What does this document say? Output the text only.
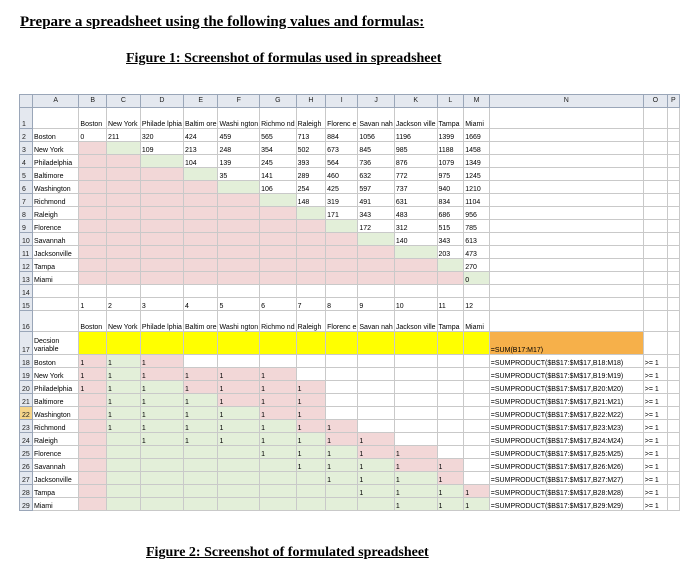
Prepare a spreadsheet using the following values and formulas:
Figure 1: Screenshot of formulas used in spreadsheet
	A	B	C	D	E	F	G	H	I	J	K	L	M	N	O	P
1		Boston	New York	Philade lphia	Baltim ore	Washi ngton	Richmo nd	Raleigh	Florenc e	Savan nah	Jackson ville	Tampa	Miami			
2	Boston	0	211	320	424	459	565	713	884	1056	1196	1399	1669			
3	New York			109	213	248	354	502	673	845	985	1188	1458			
4	Philadelphia				104	139	245	393	564	736	876	1079	1349			
5	Baltimore					35	141	289	460	632	772	975	1245			
6	Washington						106	254	425	597	737	940	1210			
7	Richmond							148	319	491	631	834	1104			
8	Raleigh								171	343	483	686	956			
9	Florence									172	312	515	785			
10	Savannah										140	343	613			
11	Jacksonville											203	473			
12	Tampa												270			
13	Miami												0			
14																
15		1	2	3	4	5	6	7	8	9	10	11	12			
16		Boston	New York	Philade lphia	Baltim ore	Washi ngton	Richmo nd	Raleigh	Florenc e	Savan nah	Jackson ville	Tampa	Miami			
17	Decsion variable													=SUM(B17:M17)		
18	Boston	1	1	1										=SUMPRODUCT($B$17:$M$17,B18:M18)	>= 1	
19	New York	1	1	1	1	1	1							=SUMPRODUCT($B$17:$M$17,B19:M19)	>= 1	
20	Philadelphia	1	1	1	1	1	1	1						=SUMPRODUCT($B$17:$M$17,B20:M20)	>= 1	
21	Baltimore		1	1	1	1	1	1						=SUMPRODUCT($B$17:$M$17,B21:M21)	>= 1	
22	Washington		1	1	1	1	1	1						=SUMPRODUCT($B$17:$M$17,B22:M22)	>= 1	
23	Richmond		1	1	1	1	1	1	1					=SUMPRODUCT($B$17:$M$17,B23:M23)	>= 1	
24	Raleigh			1	1	1	1	1	1	1				=SUMPRODUCT($B$17:$M$17,B24:M24)	>= 1	
25	Florence						1	1	1	1	1			=SUMPRODUCT($B$17:$M$17,B25:M25)	>= 1	
26	Savannah							1	1	1	1	1		=SUMPRODUCT($B$17:$M$17,B26:M26)	>= 1	
27	Jacksonville								1	1	1	1		=SUMPRODUCT($B$17:$M$17,B27:M27)	>= 1	
28	Tampa									1	1	1	1	=SUMPRODUCT($B$17:$M$17,B28:M28)	>= 1	
29	Miami										1	1	1	=SUMPRODUCT($B$17:$M$17,B29:M29)	>= 1	
Figure 2: Screenshot of formulated spreadsheet
